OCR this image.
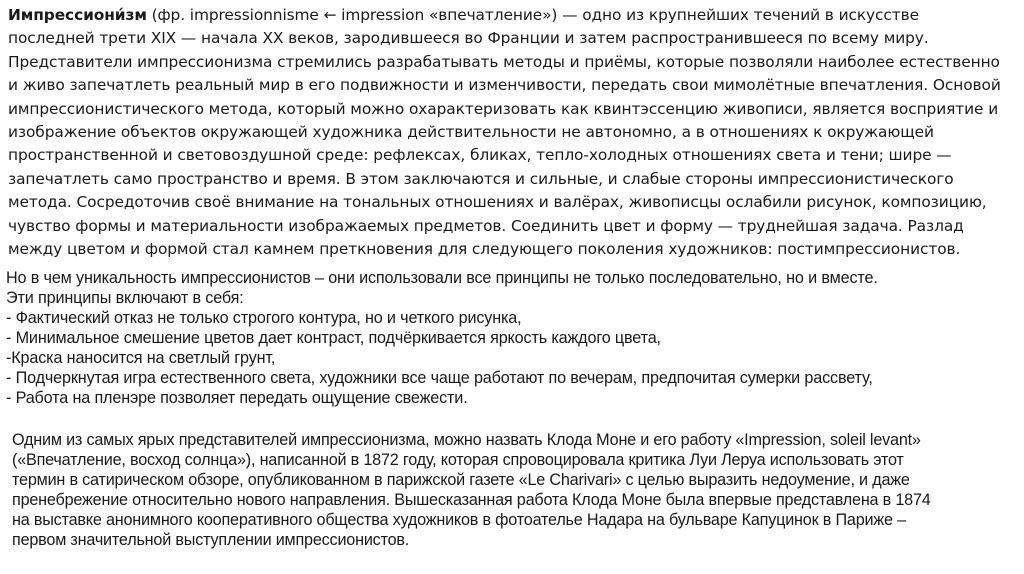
Импрессиони́зм (фр. impressionnisme ← impression «впечатление») — одно из крупнейших течений в искусстве
последней трети XIX — начала XX веков, зародившееся во Франции и затем распространившееся по всему миру.
Представители импрессионизма стремились разрабатывать методы и приёмы, которые позволяли наиболее естественно
и живо запечатлеть реальный мир в его подвижности и изменчивости, передать свои мимолётные впечатления. Основой
импрессионистического метода, который можно охарактеризовать как квинтэссенцию живописи, является восприятие и
изображение объектов окружающей художника действительности не автономно, а в отношениях к окружающей
пространственной и световоздушной среде: рефлексах, бликах, тепло-холодных отношениях света и тени; шире —
запечатлеть само пространство и время. В этом заключаются и сильные, и слабые стороны импрессионистического
метода. Сосредоточив своё внимание на тональных отношениях и валёрах, живописцы ослабили рисунок, композицию,
чувство формы и материальности изображаемых предметов. Соединить цвет и форму — труднейшая задача. Разлад
между цветом и формой стал камнем преткновения для следующего поколения художников: постимпрессионистов.
Но в чем уникальность импрессионистов – они использовали все принципы не только последовательно, но и вместе.
Эти принципы включают в себя:
- Фактический отказ не только строгого контура, но и четкого рисунка,
- Минимальное смешение цветов дает контраст, подчёркивается яркость каждого цвета,
-Краска наносится на светлый грунт,
- Подчеркнутая игра естественного света, художники все чаще работают по вечерам, предпочитая сумерки рассвету,
- Работа на пленэре позволяет передать ощущение свежести.
Одним из самых ярых представителей импрессионизма, можно назвать Клода Моне и его работу «Impression, soleil levant»
(«Впечатление, восход солнца»), написанной в 1872 году, которая спровоцировала критика Луи Леруа использовать этот
термин в сатирическом обзоре, опубликованном в парижской газете «Le Charivari» с целью выразить недоумение, и даже
пренебрежение относительно нового направления. Вышесказанная работа Клода Моне была впервые представлена в 1874
на выставке анонимного кооперативного общества художников в фотоателье Надара на бульваре Капуцинок в Париже –
первом значительной выступлении импрессионистов.
